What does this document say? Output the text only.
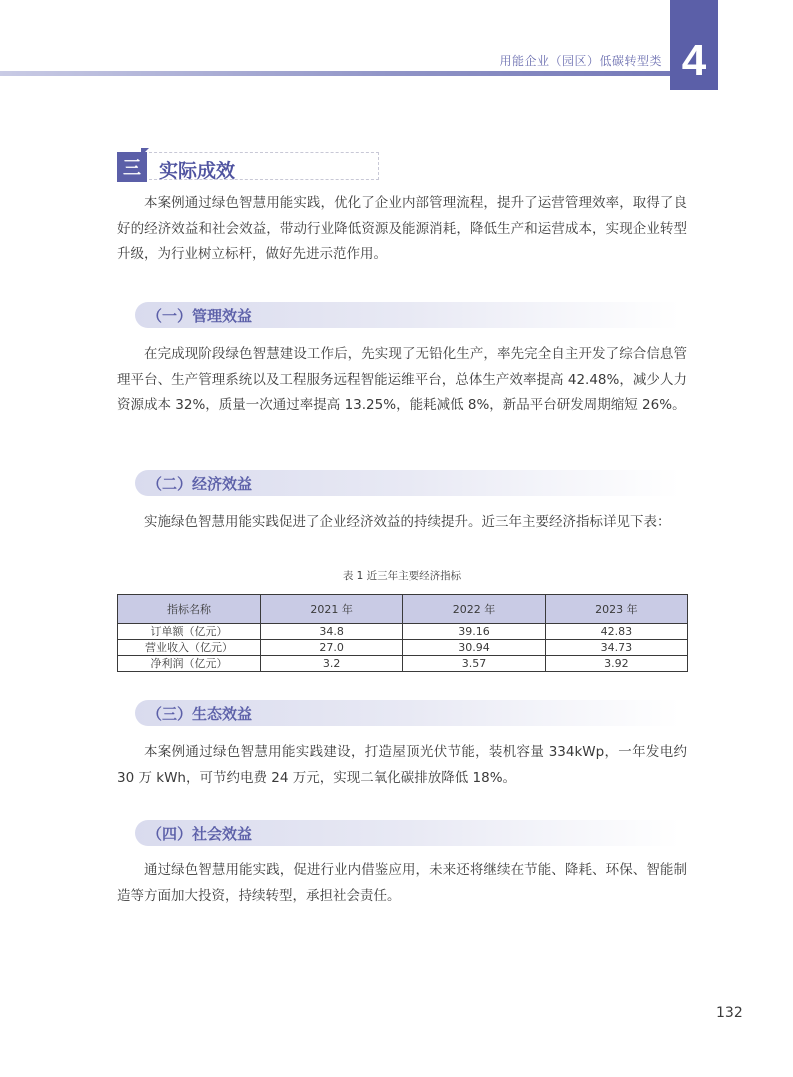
用能企业（园区）低碳转型类 4
三 实际成效

本案例通过绿色智慧用能实践，优化了企业内部管理流程，提升了运营管理效率，取得了良好的经济效益和社会效益，带动行业降低资源及能源消耗，降低生产和运营成本，实现企业转型升级，为行业树立标杆，做好先进示范作用。

（一）管理效益

在完成现阶段绿色智慧建设工作后，先实现了无铅化生产，率先完全自主开发了综合信息管理平台、生产管理系统以及工程服务远程智能运维平台，总体生产效率提高 42.48%，减少人力资源成本 32%，质量一次通过率提高 13.25%，能耗减低 8%，新品平台研发周期缩短 26%。

（二）经济效益

实施绿色智慧用能实践促进了企业经济效益的持续提升。近三年主要经济指标详见下表：

表 1 近三年主要经济指标
指标名称	2021 年	2022 年	2023 年
订单额（亿元）	34.8	39.16	42.83
营业收入（亿元）	27.0	30.94	34.73
净利润（亿元）	3.2	3.57	3.92
（三）生态效益

本案例通过绿色智慧用能实践建设，打造屋顶光伏节能，装机容量 334kWp，一年发电约 30 万 kWh，可节约电费 24 万元，实现二氧化碳排放降低 18%。

（四）社会效益

通过绿色智慧用能实践，促进行业内借鉴应用，未来还将继续在节能、降耗、环保、智能制造等方面加大投资，持续转型，承担社会责任。

132
